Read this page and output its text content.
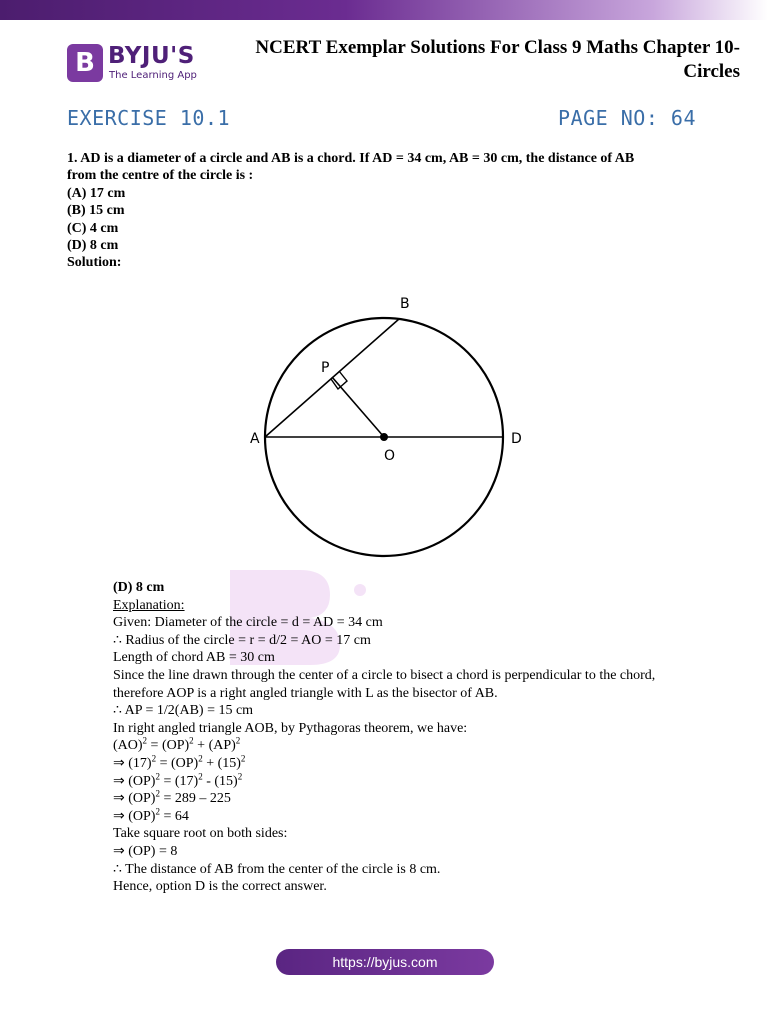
B BYJU'S
The Learning App
NCERT Exemplar Solutions For Class 9 Maths Chapter 10-
Circles
EXERCISE 10.1	PAGE NO: 64
1. AD is a diameter of a circle and AB is a chord. If AD = 34 cm, AB = 30 cm, the distance of AB
from the centre of the circle is :
(A) 17 cm
(B) 15 cm
(C) 4 cm
(D) 8 cm
Solution:
A
B
D
O
P
(D) 8 cm
Explanation:
Given: Diameter of the circle = d = AD = 34 cm
∴ Radius of the circle = r = d/2 = AO = 17 cm
Length of chord AB = 30 cm
Since the line drawn through the center of a circle to bisect a chord is perpendicular to the chord,
therefore AOP is a right angled triangle with L as the bisector of AB.
∴ AP = 1/2(AB) = 15 cm
In right angled triangle AOB, by Pythagoras theorem, we have:
(AO)$^2$ = (OP)$^2$ + (AP)$^2$
⇒ $(17)^2 = (OP)^2 + (15)^2$
⇒ $(OP)^2 = (17)^2 - (15)^2$
⇒ (OP)$^2$ = 289 – 225
⇒ (OP)$^2$ = 64
Take square root on both sides:
⇒ (OP) = 8
∴ The distance of AB from the center of the circle is 8 cm.
Hence, option D is the correct answer.
https://byjus.com
